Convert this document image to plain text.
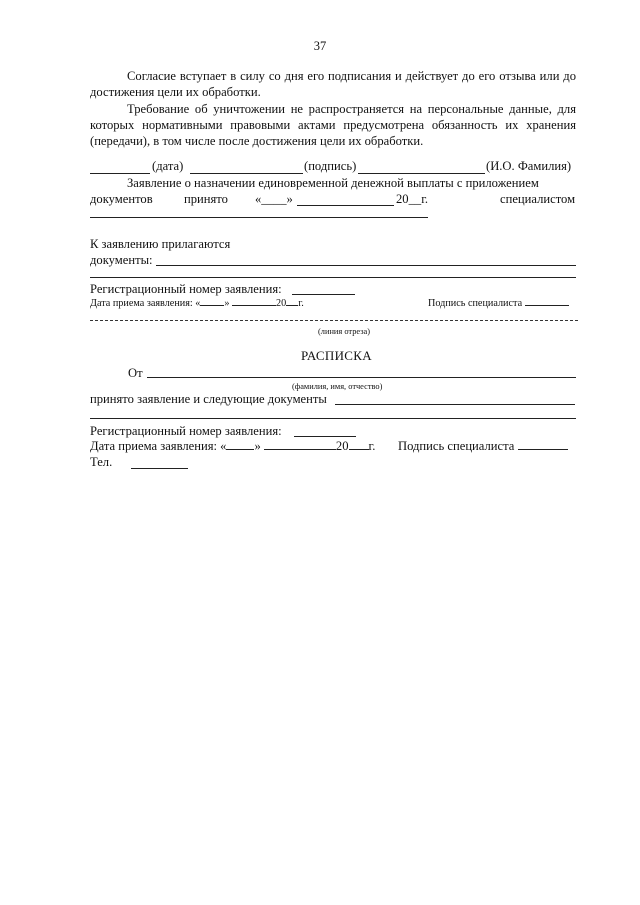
37

Согласие вступает в силу со дня его подписания и действует до его отзыва или до достижения цели их обработки.

Требование об уничтожении не распространяется на персональные данные, для которых нормативными правовыми актами предусмотрена обязанность их хранения (передачи), в том числе после достижения цели их обработки.

(дата)	(подпись)	(И.О. Фамилия)
Заявление о назначении единовременной денежной выплаты с приложением
документов принято «____»	20__г.	специалистом
К заявлению прилагаются
документы:
Регистрационный номер заявления:
Дата приема заявления: « »	20 г.	Подпись специалиста
(линия отреза)
РАСПИСКА
От
(фамилия, имя, отчество)
принято заявление и следующие документы
Регистрационный номер заявления:
Дата приема заявления: « »	20 г. Подпись специалиста
Тел.
